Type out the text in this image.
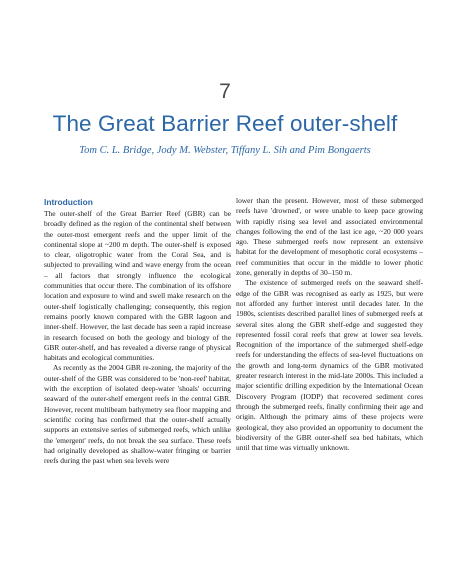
7
The Great Barrier Reef outer-shelf
Tom C. L. Bridge, Jody M. Webster, Tiffany L. Sih and Pim Bongaerts
Introduction

The outer-shelf of the Great Barrier Reef (GBR) can be broadly defined as the region of the continental shelf between the outer-most emergent reefs and the upper limit of the continental slope at ~200 m depth. The outer-shelf is exposed to clear, oligotrophic water from the Coral Sea, and is subjected to prevailing wind and wave energy from the ocean – all factors that strongly influence the ecological communities that occur there. The combination of its offshore location and exposure to wind and swell make research on the outer-shelf logistically challenging; consequently, this region remains poorly known compared with the GBR lagoon and inner-shelf. However, the last decade has seen a rapid increase in research focused on both the geology and biology of the GBR outer-shelf, and has revealed a diverse range of physical habitats and ecological communities.

As recently as the 2004 GBR re-zoning, the majority of the outer-shelf of the GBR was considered to be 'non-reef' habitat, with the exception of isolated deep-water 'shoals' occurring seaward of the outer-shelf emergent reefs in the central GBR. However, recent multibeam bathymetry sea floor mapping and scientific coring has confirmed that the outer-shelf actually supports an extensive series of submerged reefs, which unlike the 'emergent' reefs, do not break the sea surface. These reefs had originally developed as shallow-water fringing or barrier reefs during the past when sea levels were

lower than the present. However, most of these submerged reefs have 'drowned', or were unable to keep pace growing with rapidly rising sea level and associated environmental changes following the end of the last ice age, ~20 000 years ago. These submerged reefs now represent an extensive habitat for the development of mesophotic coral ecosystems – reef communities that occur in the middle to lower photic zone, generally in depths of 30–150 m.

The existence of submerged reefs on the seaward shelf-edge of the GBR was recognised as early as 1925, but were not afforded any further interest until decades later. In the 1980s, scientists described parallel lines of submerged reefs at several sites along the GBR shelf-edge and suggested they represented fossil coral reefs that grew at lower sea levels. Recognition of the importance of the submerged shelf-edge reefs for understanding the effects of sea-level fluctuations on the growth and long-term dynamics of the GBR motivated greater research interest in the mid-late 2000s. This included a major scientific drilling expedition by the International Ocean Discovery Program (IODP) that recovered sediment cores through the submerged reefs, finally confirming their age and origin. Although the primary aims of these projects were geological, they also provided an opportunity to document the biodiversity of the GBR outer-shelf sea bed habitats, which until that time was virtually unknown.
